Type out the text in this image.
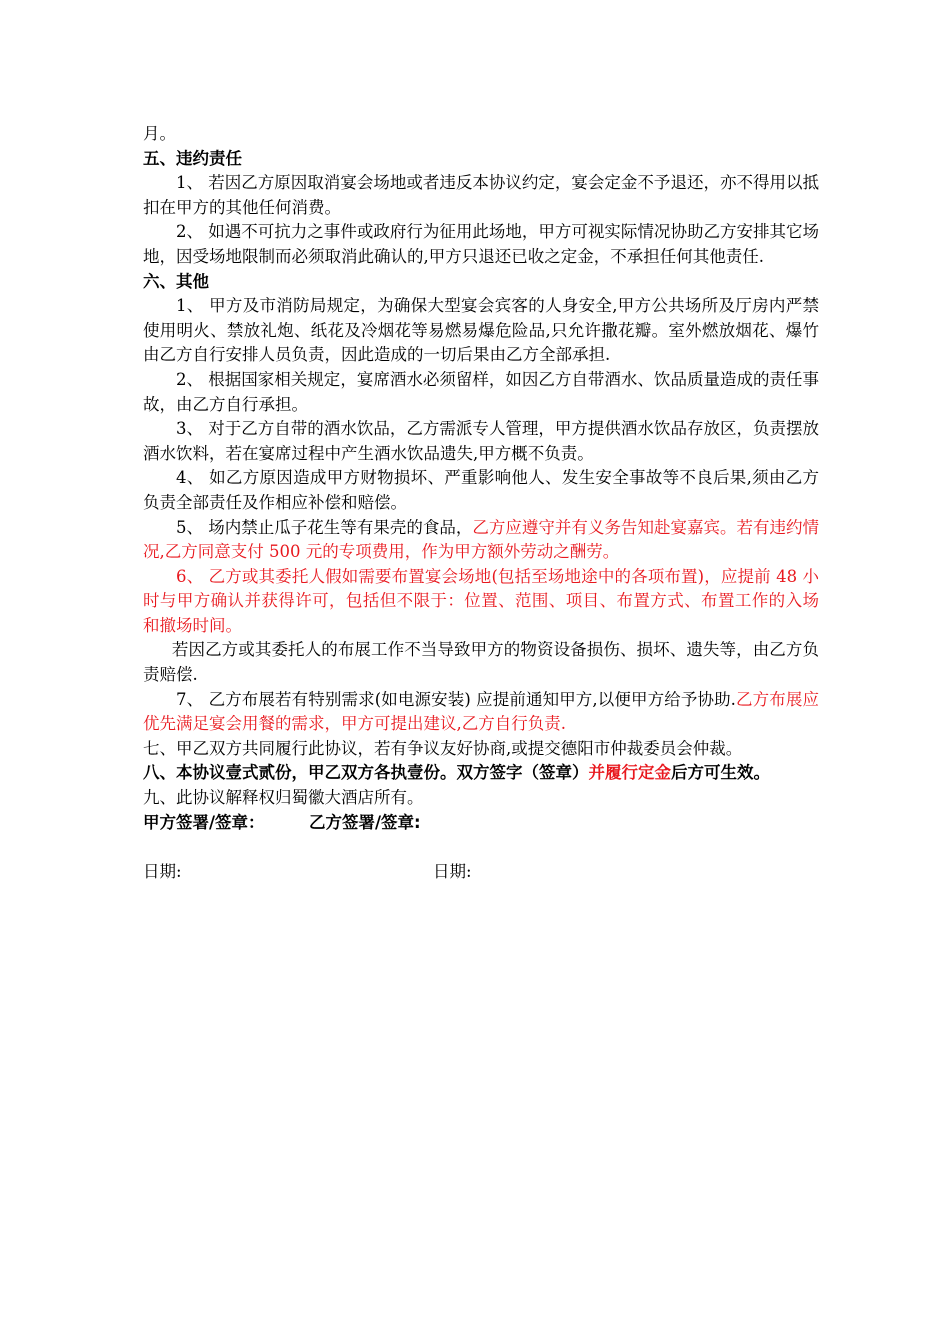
月。

五、违约责任

1、 若因乙方原因取消宴会场地或者违反本协议约定，宴会定金不予退还，亦不得用以抵扣在甲方的其他任何消费。

2、 如遇不可抗力之事件或政府行为征用此场地，甲方可视实际情况协助乙方安排其它场地，因受场地限制而必须取消此确认的,甲方只退还已收之定金，不承担任何其他责任.

六、其他

1、 甲方及市消防局规定，为确保大型宴会宾客的人身安全,甲方公共场所及厅房内严禁使用明火、禁放礼炮、纸花及冷烟花等易燃易爆危险品,只允许撒花瓣。室外燃放烟花、爆竹由乙方自行安排人员负责，因此造成的一切后果由乙方全部承担.

2、 根据国家相关规定，宴席酒水必须留样，如因乙方自带酒水、饮品质量造成的责任事故，由乙方自行承担。

3、 对于乙方自带的酒水饮品，乙方需派专人管理，甲方提供酒水饮品存放区，负责摆放酒水饮料，若在宴席过程中产生酒水饮品遗失,甲方概不负责。

4、 如乙方原因造成甲方财物损坏、严重影响他人、发生安全事故等不良后果,须由乙方负责全部责任及作相应补偿和赔偿。

5、 场内禁止瓜子花生等有果壳的食品，乙方应遵守并有义务告知赴宴嘉宾。若有违约情况,乙方同意支付 500 元的专项费用，作为甲方额外劳动之酬劳。

6、 乙方或其委托人假如需要布置宴会场地(包括至场地途中的各项布置)，应提前 48 小时与甲方确认并获得许可，包括但不限于：位置、范围、项目、布置方式、布置工作的入场和撤场时间。

若因乙方或其委托人的布展工作不当导致甲方的物资设备损伤、损坏、遗失等，由乙方负责赔偿.

7、 乙方布展若有特别需求(如电源安装) 应提前通知甲方,以便甲方给予协助.乙方布展应优先满足宴会用餐的需求，甲方可提出建议,乙方自行负责.

七、甲乙双方共同履行此协议，若有争议友好协商,或提交德阳市仲裁委员会仲裁。

八、本协议壹式贰份，甲乙双方各执壹份。双方签字（签章）并履行定金后方可生效。

九、此协议解释权归蜀徽大酒店所有。

甲方签署/签章：	乙方签署/签章:
日期:	日期:
